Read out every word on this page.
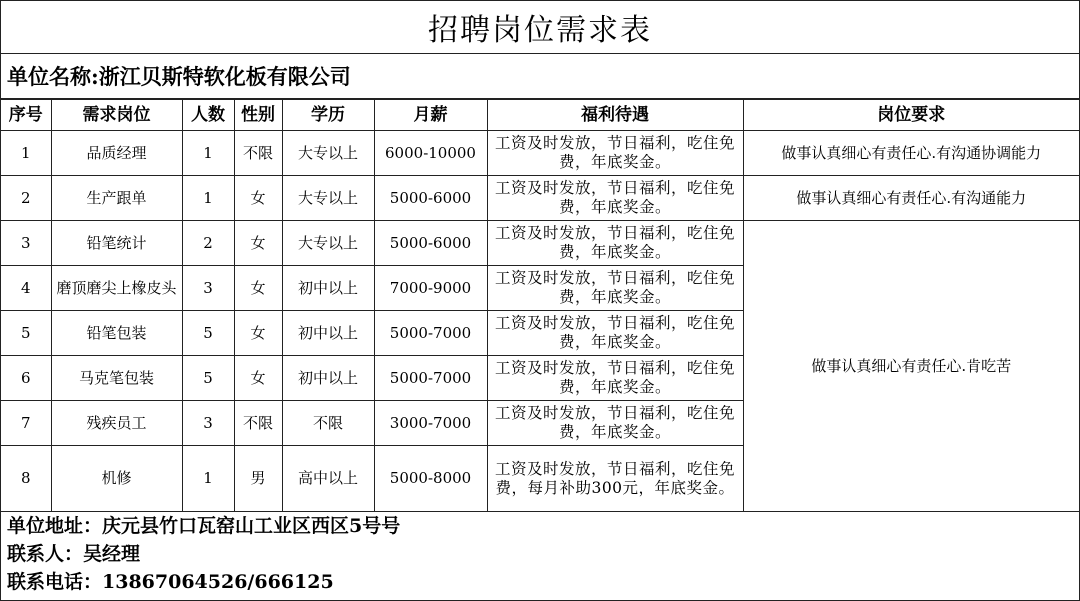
招聘岗位需求表
单位名称:浙江贝斯特软化板有限公司
序号	需求岗位	人数	性别	学历	月薪	福利待遇	岗位要求
1	品质经理	1	不限	大专以上	6000-10000	工资及时发放，节日福利，吃住免费，年底奖金。	做事认真细心有责任心.有沟通协调能力
2	生产跟单	1	女	大专以上	5000-6000	工资及时发放，节日福利，吃住免费，年底奖金。	做事认真细心有责任心.有沟通能力
3	铅笔统计	2	女	大专以上	5000-6000	工资及时发放，节日福利，吃住免费，年底奖金。	做事认真细心有责任心.肯吃苦
4	磨顶磨尖上橡皮头	3	女	初中以上	7000-9000	工资及时发放，节日福利，吃住免费，年底奖金。	
5	铅笔包装	5	女	初中以上	5000-7000	工资及时发放，节日福利，吃住免费，年底奖金。	
6	马克笔包装	5	女	初中以上	5000-7000	工资及时发放，节日福利，吃住免费，年底奖金。	
7	残疾员工	3	不限	不限	3000-7000	工资及时发放，节日福利，吃住免费，年底奖金。	
8	机修	1	男	高中以上	5000-8000	工资及时发放，节日福利，吃住免费，每月补助300元，年底奖金。	
单位地址：庆元县竹口瓦窑山工业区西区5号号
联系人：吴经理
联系电话：13867064526/666125
